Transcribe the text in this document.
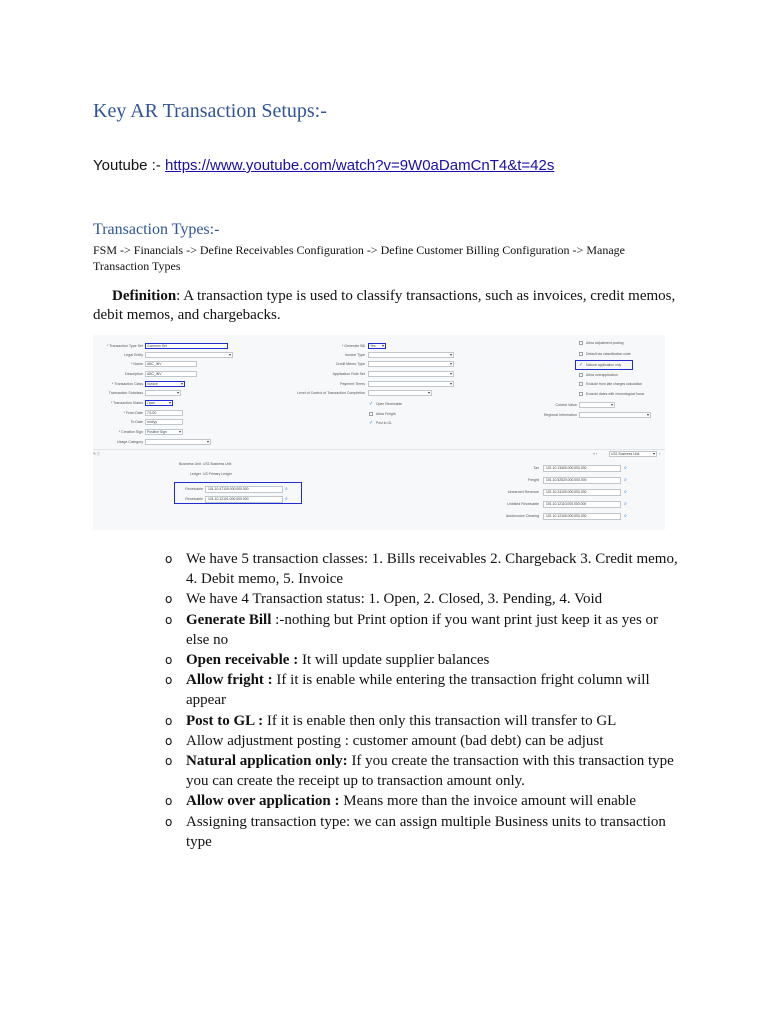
Key AR Transaction Setups:-
Youtube :- https://www.youtube.com/watch?v=9W0aDamCnT4&t=42s
Transaction Types:-
FSM -> Financials -> Define Receivables Configuration -> Define Customer Billing Configuration -> Manage Transaction Types
Definition: A transaction type is used to classify transactions, such as invoices, credit memos, debit memos, and chargebacks.
* Transaction Type Set	Common Set
Legal Entity
▾
* Name	ABC_INV
Description	ABC_INV
* Transaction Class	Invoice ▾
Transaction Subclass
▾
* Transaction Status	Open ▾
* From Date	7/1/20
To Date	m/d/yy
* Creation Sign	Positive Sign ▾
Usage Category
▾
* Generate Bill	Yes ▾
Invoice Type
▾
Credit Memo Type
▾
Application Rule Set
▾
Payment Terms
▾
Level of Control of Transaction Completion
▾
✓ Open Receivable
Allow Freight
✓ Post to GL
Allow adjustment posting
Default tax classification code
✓ Natural application only
Allow overapplication
Exclude from late charges calculation
Exclude dates with chronological focus
Control Value
▾
Regional Information
▾
✎ ⓘ	« ‹	US1 Business Unit ▾	›
Business Unit US1 Business Unit
Ledger US Primary Ledger
Receivable	101.10.47100.000.000.000	⌕
Receivable	101.10.12101.000.000.000	⌕
Tax	101.10.13400.000.000.000	⌕
Freight	101.10.52520.000.000.000	⌕
Unearned Revenue	101.10.24100.000.000.000	⌕
Unbilled Receivable	101.10.12110.000.000.000	⌕
AutoInvoice Clearing	101.10.12100.000.000.000	⌕
o We have 5 transaction classes: 1. Bills receivables 2. Chargeback 3. Credit memo, 4. Debit memo, 5. Invoice
o We have 4 Transaction status: 1. Open, 2. Closed, 3. Pending, 4. Void
o Generate Bill :-nothing but Print option if you want print just keep it as yes or else no
o Open receivable : It will update supplier balances
o Allow fright : If it is enable while entering the transaction fright column will appear
o Post to GL : If it is enable then only this transaction will transfer to GL
o Allow adjustment posting : customer amount (bad debt) can be adjust
o Natural application only: If you create the transaction with this transaction type you can create the receipt up to transaction amount only.
o Allow over application : Means more than the invoice amount will enable
o Assigning transaction type: we can assign multiple Business units to transaction type
